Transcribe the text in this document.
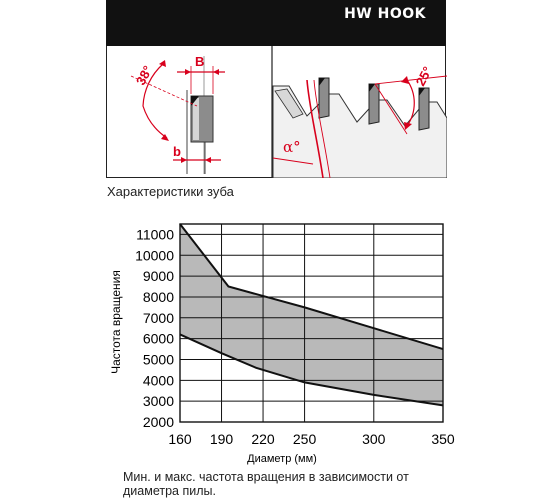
HW HOOK
B
b
38°
α°
25°
Характеристики зуба
160 190 220 250	300	350
2000
3000
4000
5000
6000
7000
8000
9000
10000
11000
Диаметр (мм)
Частота вращения
Мин. и макс. частота вращения в зависимости от диаметра пилы.
